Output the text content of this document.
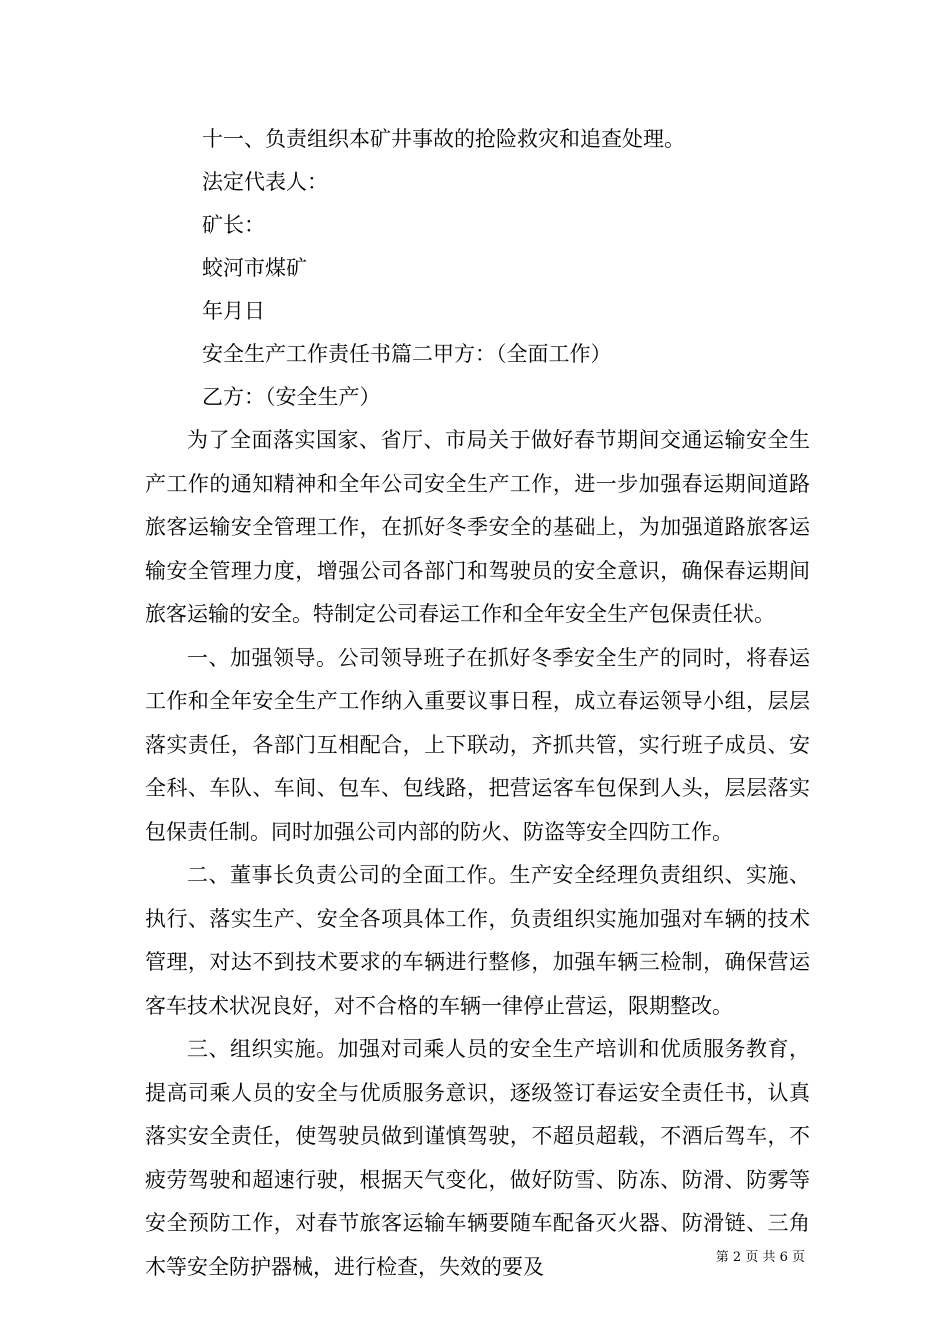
十一、负责组织本矿井事故的抢险救灾和追查处理。

法定代表人：

矿长：

蛟河市煤矿

年月日

安全生产工作责任书篇二甲方：（全面工作）

乙方：（安全生产）

为了全面落实国家、省厅、市局关于做好春节期间交通运输安全生产工作的通知精神和全年公司安全生产工作，进一步加强春运期间道路旅客运输安全管理工作，在抓好冬季安全的基础上，为加强道路旅客运输安全管理力度，增强公司各部门和驾驶员的安全意识，确保春运期间旅客运输的安全。特制定公司春运工作和全年安全生产包保责任状。

一、加强领导。公司领导班子在抓好冬季安全生产的同时，将春运工作和全年安全生产工作纳入重要议事日程，成立春运领导小组，层层落实责任，各部门互相配合，上下联动，齐抓共管，实行班子成员、安全科、车队、车间、包车、包线路，把营运客车包保到人头，层层落实包保责任制。同时加强公司内部的防火、防盗等安全四防工作。

二、董事长负责公司的全面工作。生产安全经理负责组织、实施、执行、落实生产、安全各项具体工作，负责组织实施加强对车辆的技术管理，对达不到技术要求的车辆进行整修，加强车辆三检制，确保营运客车技术状况良好，对不合格的车辆一律停止营运，限期整改。

三、组织实施。加强对司乘人员的安全生产培训和优质服务教育，提高司乘人员的安全与优质服务意识，逐级签订春运安全责任书，认真落实安全责任，使驾驶员做到谨慎驾驶，不超员超载，不酒后驾车，不疲劳驾驶和超速行驶，根据天气变化，做好防雪、防冻、防滑、防雾等安全预防工作，对春节旅客运输车辆要随车配备灭火器、防滑链、三角木等安全防护器械，进行检查，失效的要及	第 2 页 共 6 页
